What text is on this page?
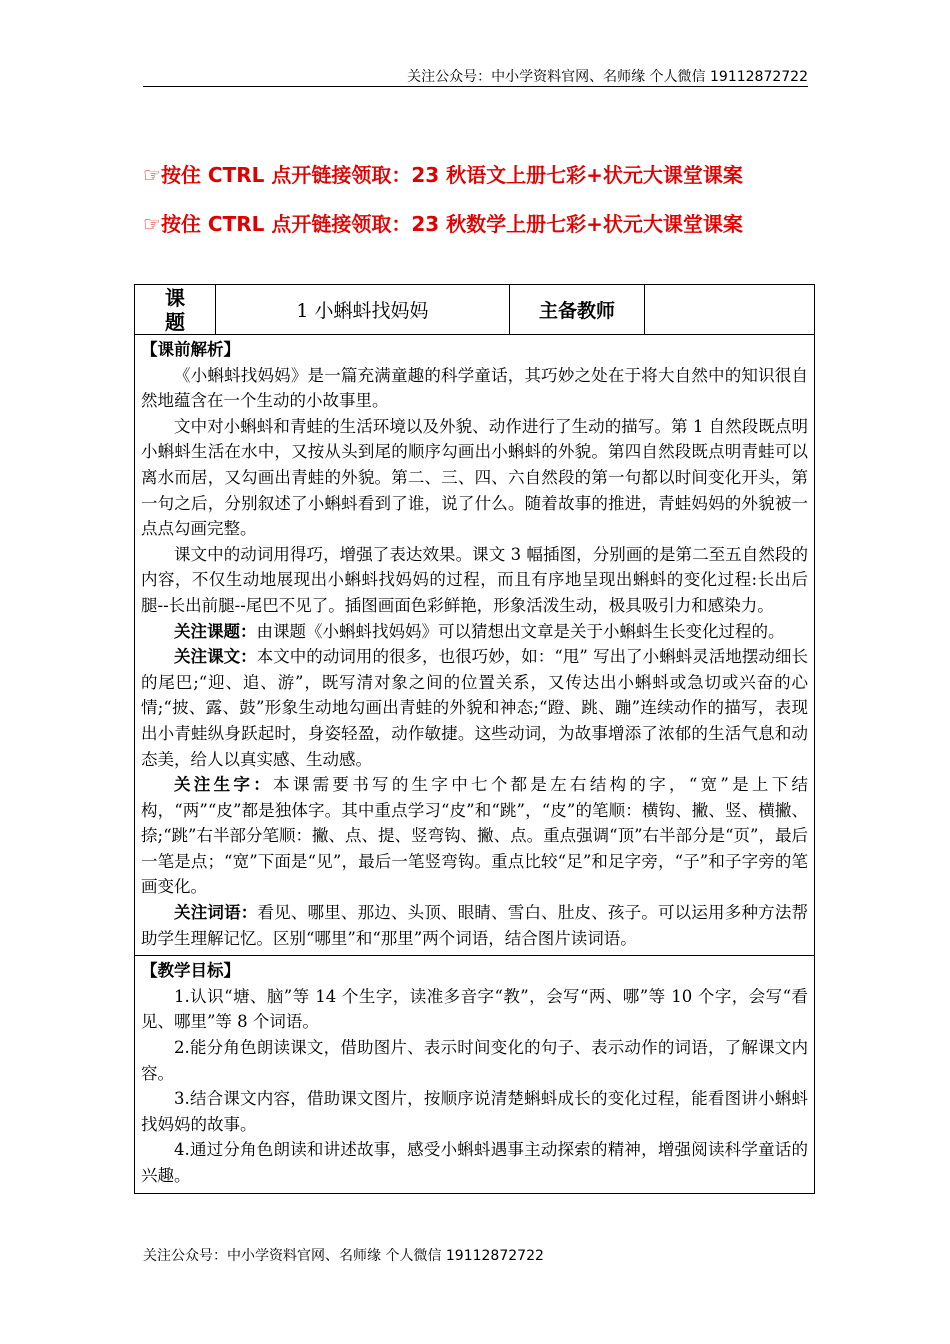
关注公众号：中小学资料官网、名师缘 个人微信 19112872722
☞按住 CTRL 点开链接领取：23 秋语文上册七彩+状元大课堂课案
☞按住 CTRL 点开链接领取：23 秋数学上册七彩+状元大课堂课案
课
题	1 小蝌蚪找妈妈	主备教师	

【课前解析】

《小蝌蚪找妈妈》是一篇充满童趣的科学童话，其巧妙之处在于将大自然中的知识很自然地蕴含在一个生动的小故事里。

文中对小蝌蚪和青蛙的生活环境以及外貌、动作进行了生动的描写。第 1 自然段既点明小蝌蚪生活在水中，又按从头到尾的顺序勾画出小蝌蚪的外貌。第四自然段既点明青蛙可以离水而居，又勾画出青蛙的外貌。第二、三、四、六自然段的第一句都以时间变化开头，第一句之后，分别叙述了小蝌蚪看到了谁，说了什么。随着故事的推进，青蛙妈妈的外貌被一点点勾画完整。

课文中的动词用得巧，增强了表达效果。课文 3 幅插图，分别画的是第二至五自然段的内容，不仅生动地展现出小蝌蚪找妈妈的过程，而且有序地呈现出蝌蚪的变化过程:长出后腿--长出前腿--尾巴不见了。插图画面色彩鲜艳，形象活泼生动，极具吸引力和感染力。

关注课题：由课题《小蝌蚪找妈妈》可以猜想出文章是关于小蝌蚪生长变化过程的。

关注课文：本文中的动词用的很多，也很巧妙，如：“甩” 写出了小蝌蚪灵活地摆动细长的尾巴;“迎、追、游”，既写清对象之间的位置关系，又传达出小蝌蚪或急切或兴奋的心情;“披、露、鼓”形象生动地勾画出青蛙的外貌和神态;“蹬、跳、蹦”连续动作的描写，表现出小青蛙纵身跃起时，身姿轻盈，动作敏捷。这些动词，为故事增添了浓郁的生活气息和动态美，给人以真实感、生动感。

关注生字：本课需要书写的生字中七个都是左右结构的字，“宽”是上下结构，“两”“皮”都是独体字。其中重点学习“皮”和“跳”，“皮”的笔顺：横钩、撇、竖、横撇、捺;“跳”右半部分笔顺：撇、点、提、竖弯钩、撇、点。重点强调“顶”右半部分是“页”，最后一笔是点；“宽”下面是“见”，最后一笔竖弯钩。重点比较“足”和足字旁，“子”和子字旁的笔画变化。

关注词语：看见、哪里、那边、头顶、眼睛、雪白、肚皮、孩子。可以运用多种方法帮助学生理解记忆。区别“哪里”和“那里”两个词语，结合图片读词语。

【教学目标】

1.认识“塘、脑”等 14 个生字，读准多音字“教”，会写“两、哪”等 10 个字，会写“看见、哪里”等 8 个词语。

2.能分角色朗读课文，借助图片、表示时间变化的句子、表示动作的词语，了解课文内容。

3.结合课文内容，借助课文图片，按顺序说清楚蝌蚪成长的变化过程，能看图讲小蝌蚪找妈妈的故事。

4.通过分角色朗读和讲述故事，感受小蝌蚪遇事主动探索的精神，增强阅读科学童话的兴趣。

关注公众号：中小学资料官网、名师缘 个人微信 19112872722
